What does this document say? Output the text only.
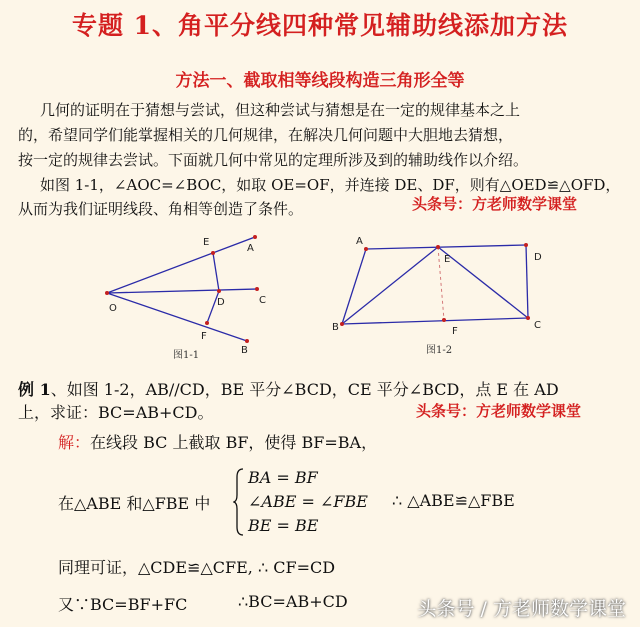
专题 1、角平分线四种常见辅助线添加方法
方法一、截取相等线段构造三角形全等
几何的证明在于猜想与尝试，但这种尝试与猜想是在一定的规律基本之上
的，希望同学们能掌握相关的几何规律，在解决几何问题中大胆地去猜想，
按一定的规律去尝试。下面就几何中常见的定理所涉及到的辅助线作以介绍。
如图 1-1，∠AOC=∠BOC，如取 OE=OF，并连接 DE、DF，则有△OED≌△OFD，
从而为我们证明线段、角相等创造了条件。	头条号：方老师数学课堂
O
E
A
D	C
F
B
图1-1
A
E	D
B	F
C
图1-2
例 1、如图 1-2，AB//CD，BE 平分∠BCD，CE 平分∠BCD，点 E 在 AD
上，求证：BC=AB+CD。	头条号：方老师数学课堂
解：在线段 BC 上截取 BF，使得 BF=BA，
在△ABE 和△FBE 中
BA = BF
∠ABE = ∠FBE
BE = BE
∴ △ABE≌△FBE
同理可证，△CDE≌△CFE, ∴ CF=CD
又∵BC=BF+FC	∴BC=AB+CD	头条号 / 方老师数学课堂
